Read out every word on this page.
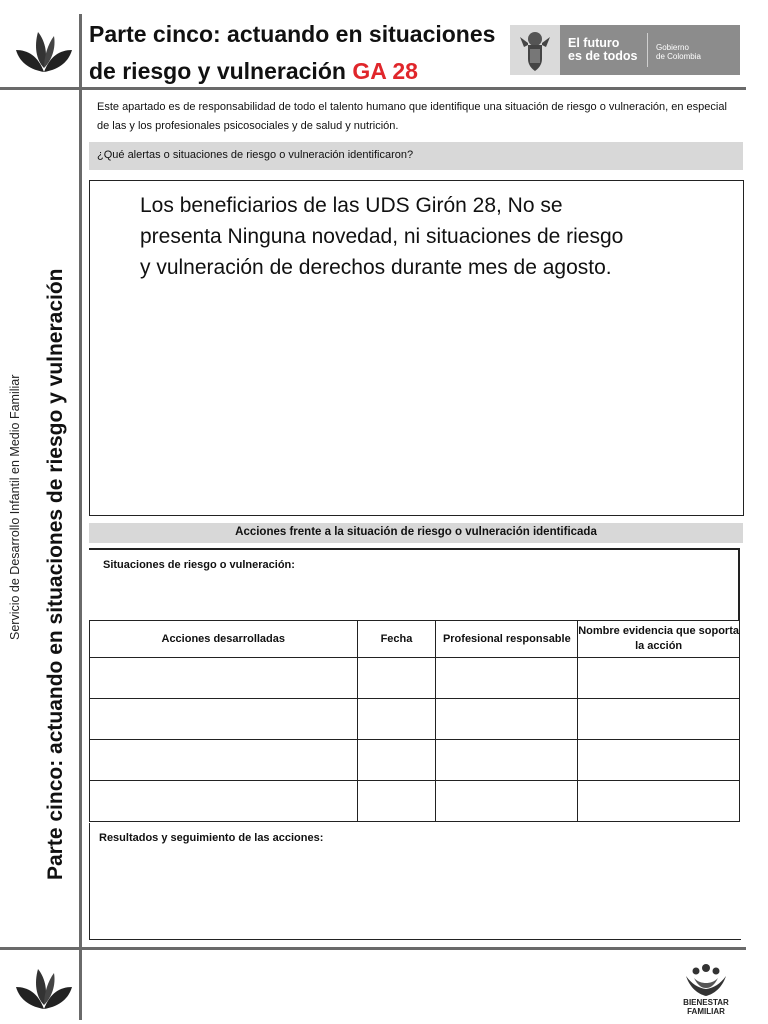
Parte cinco: actuando en situaciones
de riesgo y vulneración GA 28
El futuro
es de todos
Gobierno
de Colombia
Servicio de Desarrollo Infantil en Medio Familiar Parte cinco: actuando en situaciones de riesgo y vulneración
Este apartado es de responsabilidad de todo el talento humano que identifique una situación de riesgo o vulneración, en especial de las y los profesionales psicosociales y de salud y nutrición.
¿Qué alertas o situaciones de riesgo o vulneración identificaron?
Los beneficiarios de las UDS Girón 28, No se presenta Ninguna novedad, ni situaciones de riesgo y vulneración de derechos durante mes de agosto.
Acciones frente a la situación de riesgo o vulneración identificada
Situaciones de riesgo o vulneración:
Acciones desarrolladas	Fecha	Profesional responsable	Nombre evidencia que soporta la acción

Resultados y seguimiento de las acciones:
BIENESTAR
FAMILIAR
